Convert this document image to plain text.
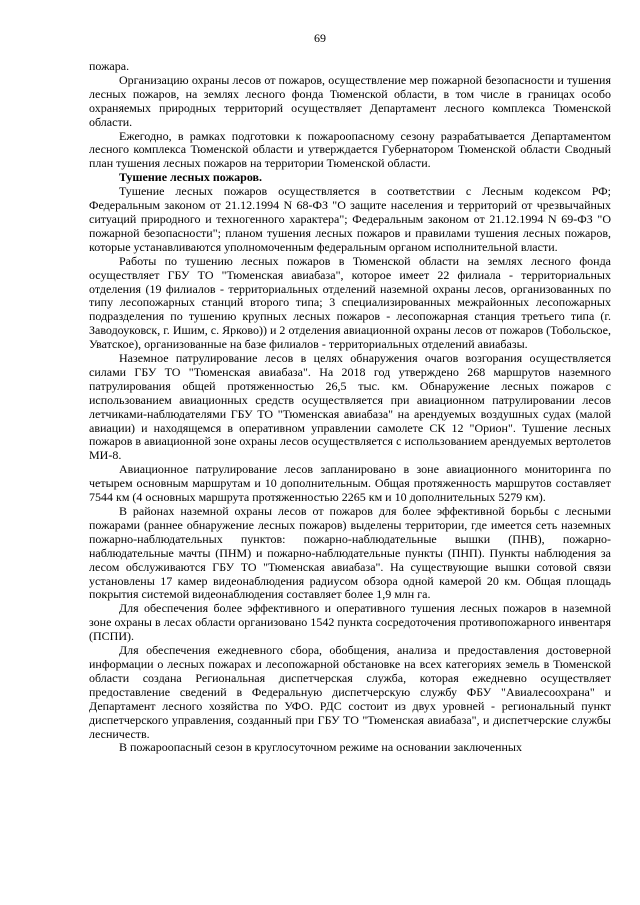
69

пожара.

Организацию охраны лесов от пожаров, осуществление мер пожарной безопасности и тушения лесных пожаров, на землях лесного фонда Тюменской области, в том числе в границах особо охраняемых природных территорий осуществляет Департамент лесного комплекса Тюменской области.

Ежегодно, в рамках подготовки к пожароопасному сезону разрабатывается Департаментом лесного комплекса Тюменской области и утверждается Губернатором Тюменской области Сводный план тушения лесных пожаров на территории Тюменской области.

Тушение лесных пожаров.

Тушение лесных пожаров осуществляется в соответствии с Лесным кодексом РФ; Федеральным законом от 21.12.1994 N 68-ФЗ "О защите населения и территорий от чрезвычайных ситуаций природного и техногенного характера"; Федеральным законом от 21.12.1994 N 69-ФЗ "О пожарной безопасности"; планом тушения лесных пожаров и правилами тушения лесных пожаров, которые устанавливаются уполномоченным федеральным органом исполнительной власти.

Работы по тушению лесных пожаров в Тюменской области на землях лесного фонда осуществляет ГБУ ТО "Тюменская авиабаза", которое имеет 22 филиала - территориальных отделения (19 филиалов - территориальных отделений наземной охраны лесов, организованных по типу лесопожарных станций второго типа; 3 специализированных межрайонных лесопожарных подразделения по тушению крупных лесных пожаров - лесопожарная станция третьего типа (г. Заводоуковск, г. Ишим, с. Ярково)) и 2 отделения авиационной охраны лесов от пожаров (Тобольское, Уватское), организованные на базе филиалов - территориальных отделений авиабазы.

Наземное патрулирование лесов в целях обнаружения очагов возгорания осуществляется силами ГБУ ТО "Тюменская авиабаза". На 2018 год утверждено 268 маршрутов наземного патрулирования общей протяженностью 26,5 тыс. км. Обнаружение лесных пожаров с использованием авиационных средств осуществляется при авиационном патрулировании лесов летчиками-наблюдателями ГБУ ТО "Тюменская авиабаза" на арендуемых воздушных судах (малой авиации) и находящемся в оперативном управлении самолете СК 12 "Орион". Тушение лесных пожаров в авиационной зоне охраны лесов осуществляется с использованием арендуемых вертолетов МИ-8.

Авиационное патрулирование лесов запланировано в зоне авиационного мониторинга по четырем основным маршрутам и 10 дополнительным. Общая протяженность маршрутов составляет 7544 км (4 основных маршрута протяженностью 2265 км и 10 дополнительных 5279 км).

В районах наземной охраны лесов от пожаров для более эффективной борьбы с лесными пожарами (раннее обнаружение лесных пожаров) выделены территории, где имеется сеть наземных пожарно-наблюдательных пунктов: пожарно-наблюдательные вышки (ПНВ), пожарно-наблюдательные мачты (ПНМ) и пожарно-наблюдательные пункты (ПНП). Пункты наблюдения за лесом обслуживаются ГБУ ТО "Тюменская авиабаза". На существующие вышки сотовой связи установлены 17 камер видеонаблюдения радиусом обзора одной камерой 20 км. Общая площадь покрытия системой видеонаблюдения составляет более 1,9 млн га.

Для обеспечения более эффективного и оперативного тушения лесных пожаров в наземной зоне охраны в лесах области организовано 1542 пункта сосредоточения противопожарного инвентаря (ПСПИ).

Для обеспечения ежедневного сбора, обобщения, анализа и предоставления достоверной информации о лесных пожарах и лесопожарной обстановке на всех категориях земель в Тюменской области создана Региональная диспетчерская служба, которая ежедневно осуществляет предоставление сведений в Федеральную диспетчерскую службу ФБУ "Авиалесоохрана" и Департамент лесного хозяйства по УФО. РДС состоит из двух уровней - региональный пункт диспетчерского управления, созданный при ГБУ ТО "Тюменская авиабаза", и диспетчерские службы лесничеств.

В пожароопасный сезон в круглосуточном режиме на основании заключенных
